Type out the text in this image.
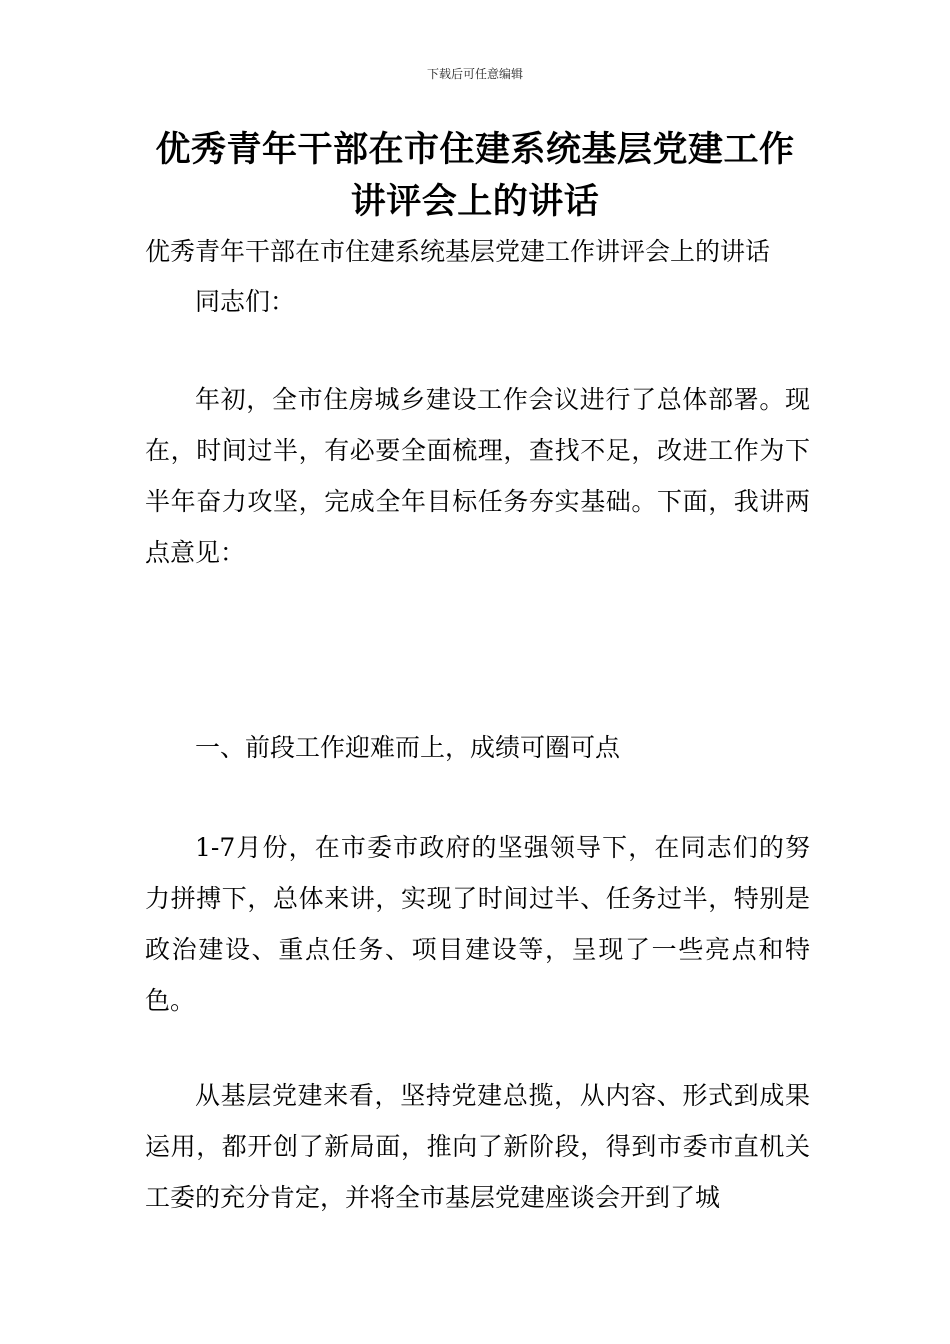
下载后可任意编辑
优秀青年干部在市住建系统基层党建工作讲评会上的讲话

优秀青年干部在市住建系统基层党建工作讲评会上的讲话

同志们：

年初，全市住房城乡建设工作会议进行了总体部署。现在，时间过半，有必要全面梳理，查找不足，改进工作为下半年奋力攻坚，完成全年目标任务夯实基础。下面，我讲两点意见：

一、前段工作迎难而上，成绩可圈可点

1-7月份，在市委市政府的坚强领导下，在同志们的努力拼搏下，总体来讲，实现了时间过半、任务过半，特别是政治建设、重点任务、项目建设等，呈现了一些亮点和特色。

从基层党建来看，坚持党建总揽，从内容、形式到成果运用，都开创了新局面，推向了新阶段，得到市委市直机关工委的充分肯定，并将全市基层党建座谈会开到了城
